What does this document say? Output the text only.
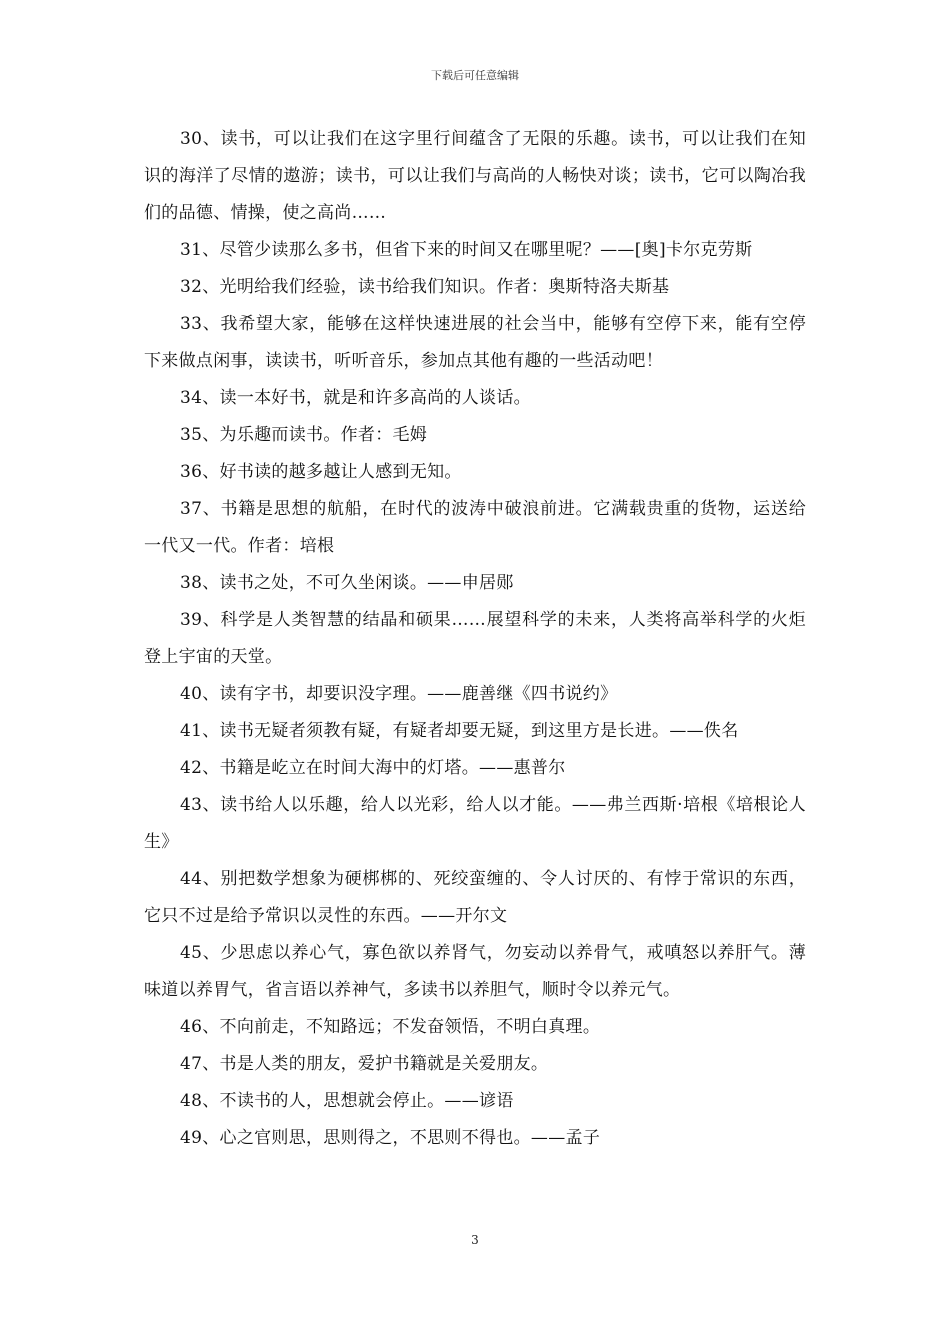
下载后可任意编辑

30、读书，可以让我们在这字里行间蕴含了无限的乐趣。读书，可以让我们在知识的海洋了尽情的遨游；读书，可以让我们与高尚的人畅快对谈；读书，它可以陶冶我们的品德、情操，使之高尚……

31、尽管少读那么多书，但省下来的时间又在哪里呢？——[奥]卡尔克劳斯

32、光明给我们经验，读书给我们知识。作者：奥斯特洛夫斯基

33、我希望大家，能够在这样快速进展的社会当中，能够有空停下来，能有空停下来做点闲事，读读书，听听音乐，参加点其他有趣的一些活动吧！

34、读一本好书，就是和许多高尚的人谈话。

35、为乐趣而读书。作者：毛姆

36、好书读的越多越让人感到无知。

37、书籍是思想的航船，在时代的波涛中破浪前进。它满载贵重的货物，运送给一代又一代。作者：培根

38、读书之处，不可久坐闲谈。——申居郧

39、科学是人类智慧的结晶和硕果……展望科学的未来，人类将高举科学的火炬登上宇宙的天堂。

40、读有字书，却要识没字理。——鹿善继《四书说约》

41、读书无疑者须教有疑，有疑者却要无疑，到这里方是长进。——佚名

42、书籍是屹立在时间大海中的灯塔。——惠普尔

43、读书给人以乐趣，给人以光彩，给人以才能。——弗兰西斯·培根《培根论人生》

44、别把数学想象为硬梆梆的、死绞蛮缠的、令人讨厌的、有悖于常识的东西，它只不过是给予常识以灵性的东西。——开尔文

45、少思虑以养心气，寡色欲以养肾气，勿妄动以养骨气，戒嗔怒以养肝气。薄味道以养胃气，省言语以养神气，多读书以养胆气，顺时令以养元气。

46、不向前走，不知路远；不发奋领悟，不明白真理。

47、书是人类的朋友，爱护书籍就是关爱朋友。

48、不读书的人，思想就会停止。——谚语

49、心之官则思，思则得之，不思则不得也。——孟子

3
